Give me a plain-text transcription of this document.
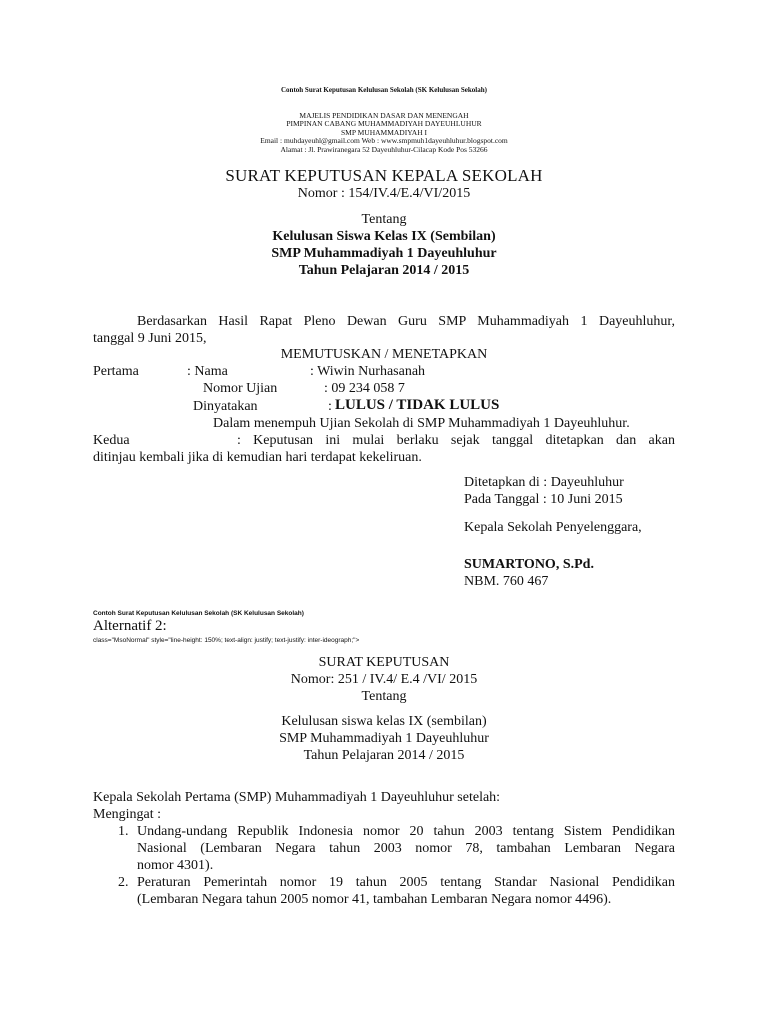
Contoh Surat Keputusan Kelulusan Sekolah (SK Kelulusan Sekolah)
MAJELIS PENDIDIKAN DASAR DAN MENENGAH
PIMPINAN CABANG MUHAMMADIYAH DAYEUHLUHUR
SMP MUHAMMADIYAH I
Email : muhdayeuhl@gmail.com Web : www.smpmuh1dayeuhluhur.blogspot.com
Alamat : Jl. Prawiranegara 52 Dayeuhluhur-Cilacap Kode Pos 53266
SURAT KEPUTUSAN KEPALA SEKOLAH
Nomor : 154/IV.4/E.4/VI/2015
Tentang
Kelulusan Siswa Kelas IX (Sembilan)
SMP Muhammadiyah 1 Dayeuhluhur
Tahun Pelajaran 2014 / 2015
Berdasarkan Hasil Rapat Pleno Dewan Guru SMP Muhammadiyah 1 Dayeuhluhur,
tanggal 9 Juni 2015,
MEMUTUSKAN / MENETAPKAN
Pertama	: Nama	: Wiwin Nurhasanah
Nomor Ujian	: 09 234 058 7
Dinyatakan	: LULUS / TIDAK LULUS
Dalam menempuh Ujian Sekolah di SMP Muhammadiyah 1 Dayeuhluhur.
Kedua	: Keputusan ini mulai berlaku sejak tanggal ditetapkan dan akan
ditinjau kembali jika di kemudian hari terdapat kekeliruan.
Ditetapkan di : Dayeuhluhur
Pada Tanggal : 10 Juni 2015
Kepala Sekolah Penyelenggara,
SUMARTONO, S.Pd.
NBM. 760 467
Contoh Surat Keputusan Kelulusan Sekolah (SK Kelulusan Sekolah)
Alternatif 2:
class="MsoNormal" style="line-height: 150%; text-align: justify; text-justify: inter-ideograph;">
SURAT KEPUTUSAN
Nomor: 251 / IV.4/ E.4 /VI/ 2015
Tentang
Kelulusan siswa kelas IX (sembilan)
SMP Muhammadiyah 1 Dayeuhluhur
Tahun Pelajaran 2014 / 2015
Kepala Sekolah Pertama (SMP) Muhammadiyah 1 Dayeuhluhur setelah:
Mengingat :
1. Undang-undang Republik Indonesia nomor 20 tahun 2003 tentang Sistem Pendidikan
Nasional (Lembaran Negara tahun 2003 nomor 78, tambahan Lembaran Negara
nomor 4301).
2. Peraturan Pemerintah nomor 19 tahun 2005 tentang Standar Nasional Pendidikan
(Lembaran Negara tahun 2005 nomor 41, tambahan Lembaran Negara nomor 4496).
